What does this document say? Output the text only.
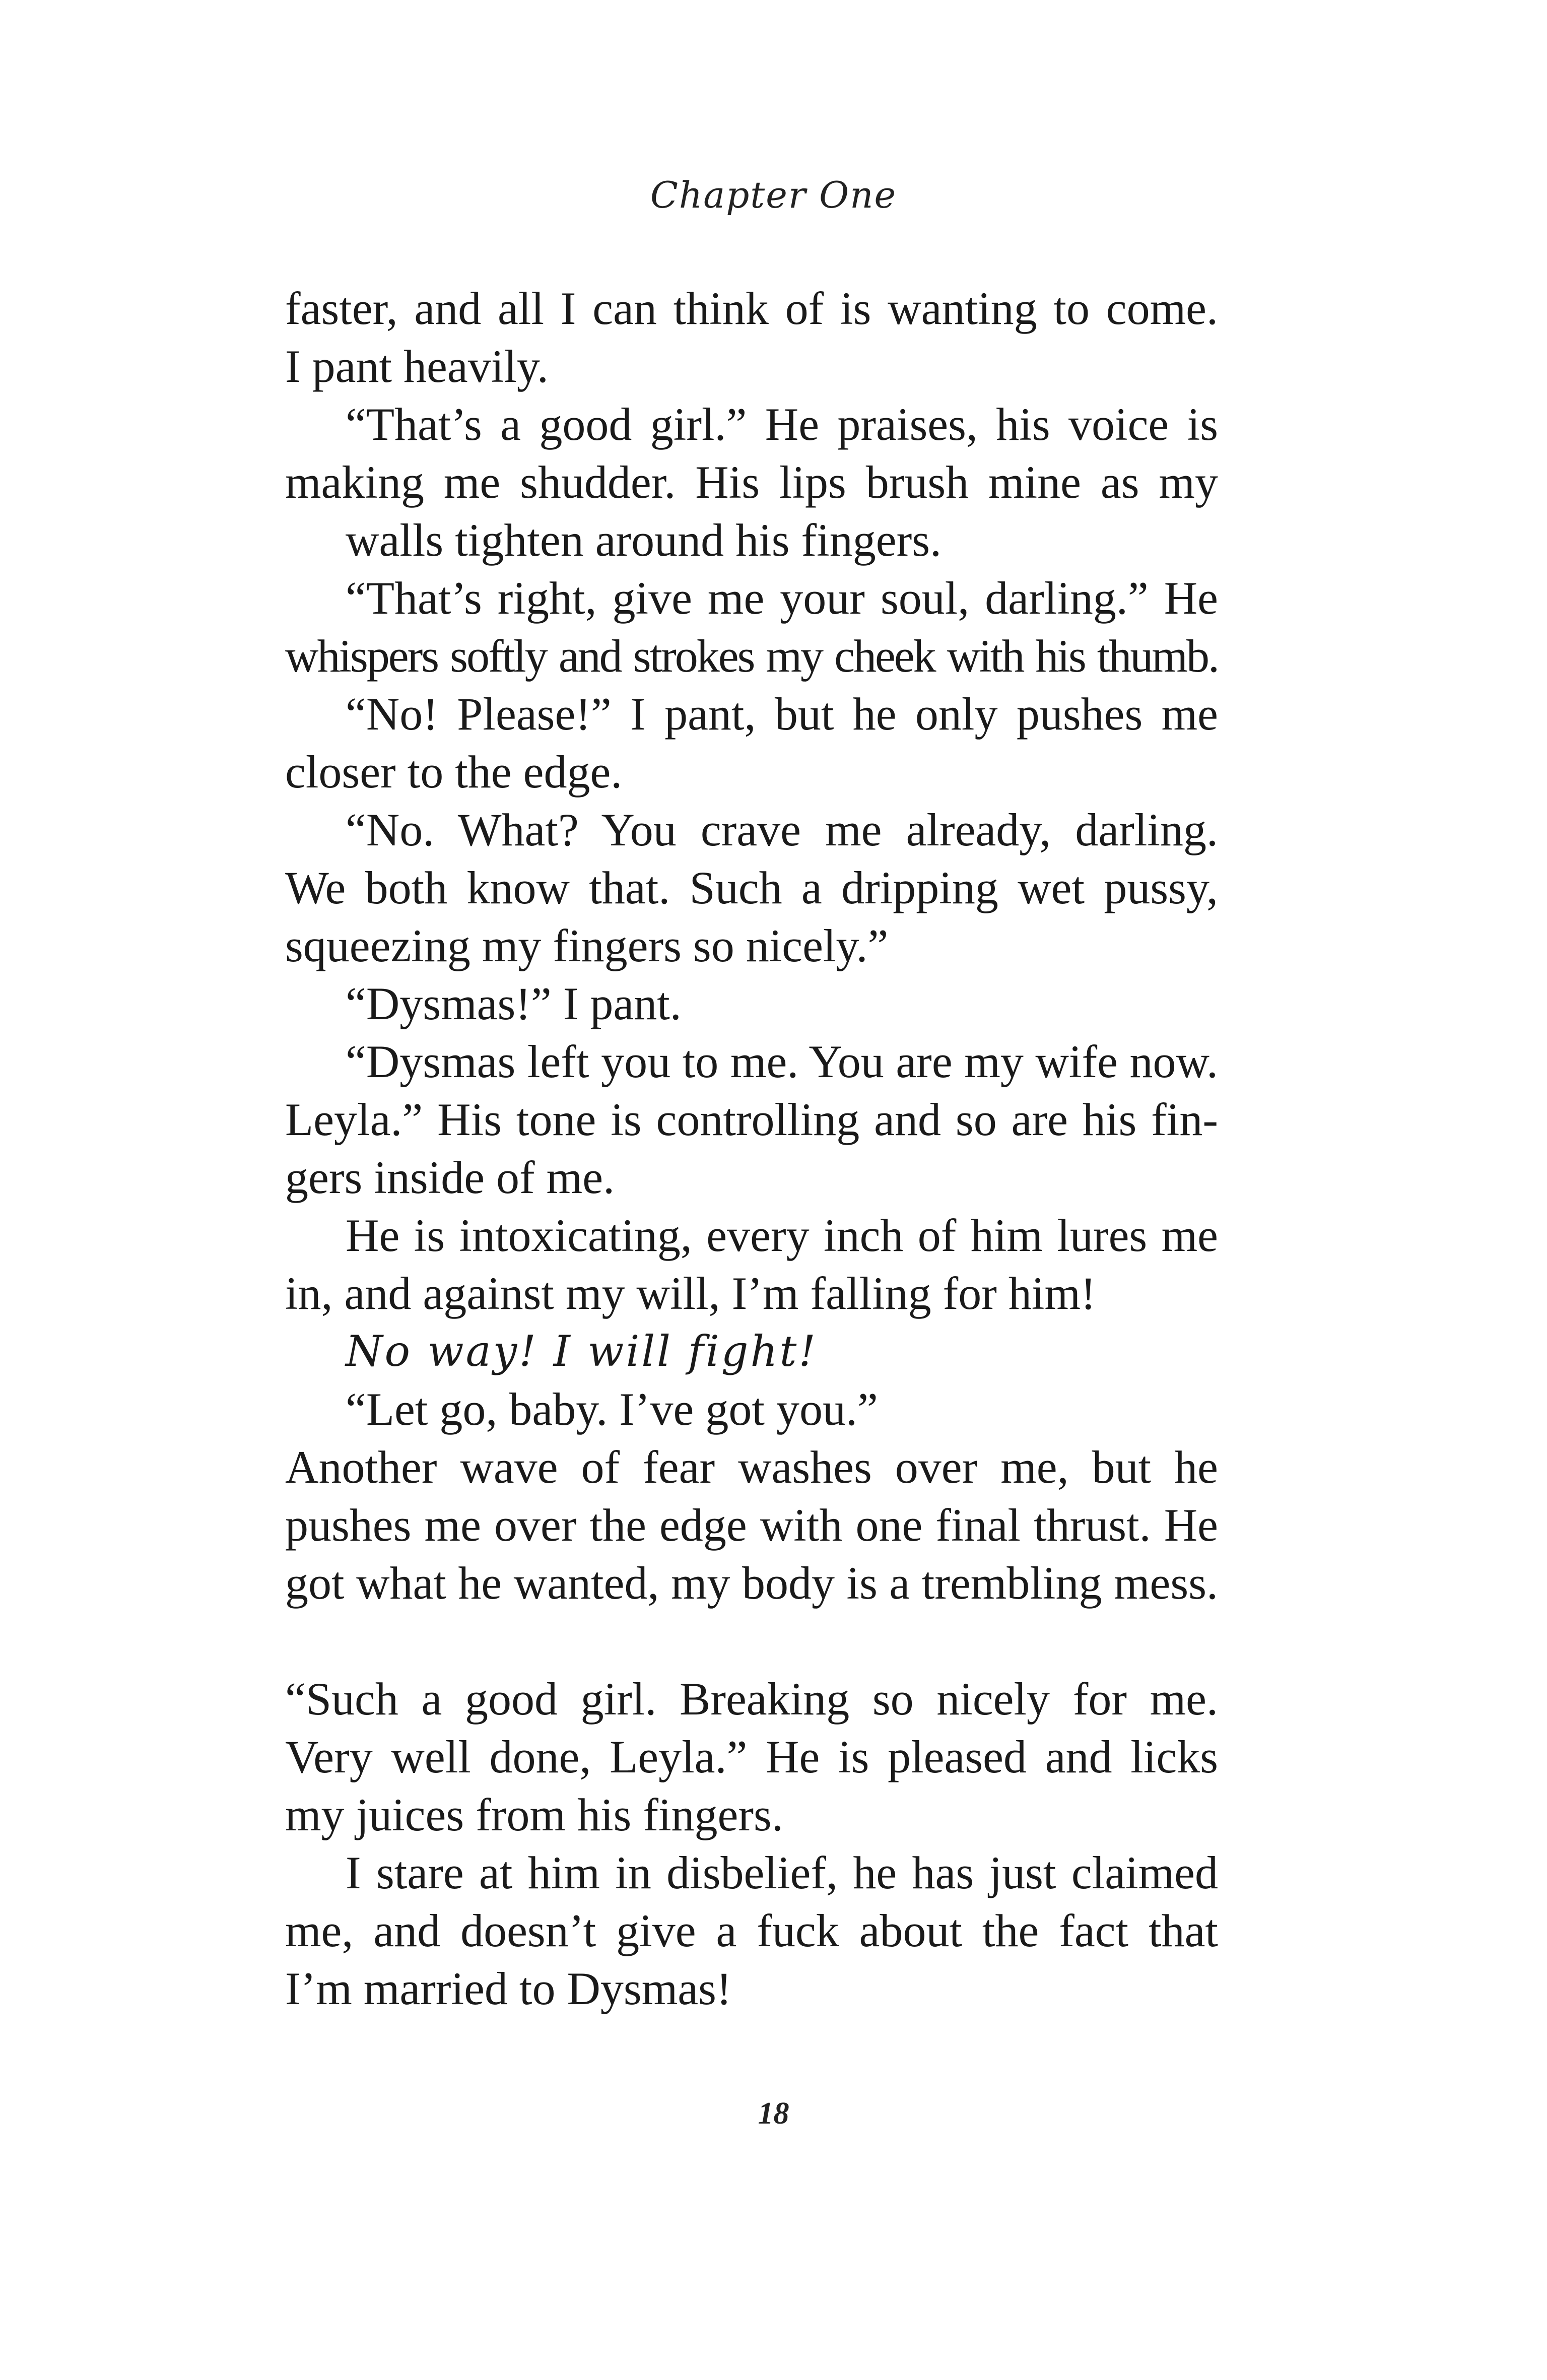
Chapter One
faster, and all I can think of is wanting to come.
I pant heavily.
“That’s a good girl.” He praises, his voice is
making me shudder. His lips brush mine as my
walls tighten around his fingers.
“That’s right, give me your soul, darling.” He
whispers softly and strokes my cheek with his thumb.
“No! Please!” I pant, but he only pushes me
closer to the edge.
“No. What? You crave me already, darling.
We both know that. Such a dripping wet pussy,
squeezing my fingers so nicely.”
“Dysmas!” I pant.
“Dysmas left you to me. You are my wife now.
Leyla.” His tone is controlling and so are his fin-
gers inside of me.
He is intoxicating, every inch of him lures me
in, and against my will, I’m falling for him!
No way! I will fight!
“Let go, baby. I’ve got you.”
Another wave of fear washes over me, but he
pushes me over the edge with one final thrust. He
got what he wanted, my body is a trembling mess.
“Such a good girl. Breaking so nicely for me.
Very well done, Leyla.” He is pleased and licks
my juices from his fingers.
I stare at him in disbelief, he has just claimed
me, and doesn’t give a fuck about the fact that
I’m married to Dysmas!
18
